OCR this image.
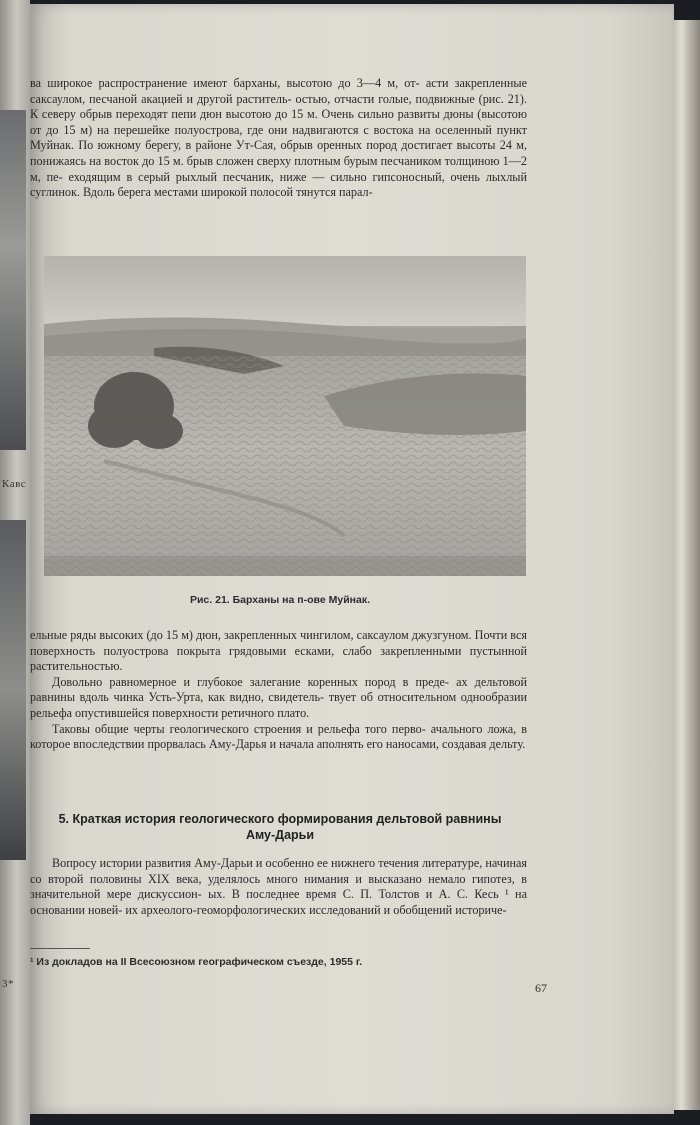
Кавс
3*

ва широкое распространение имеют барханы, высотою до 3—4 м, от- асти закрепленные саксаулом, песчаной акацией и другой раститель- остью, отчасти голые, подвижные (рис. 21). К северу обрыв переходят пепи дюн высотою до 15 м. Очень сильно развиты дюны (высотою от до 15 м) на перешейке полуострова, где они надвигаются с востока на оселенный пункт Муйнак. По южному берегу, в районе Ут-Сая, обрыв оренных пород достигает высоты 24 м, понижаясь на восток до 15 м. брыв сложен сверху плотным бурым песчаником толщиною 1—2 м, пе- еходящим в серый рыхлый песчаник, ниже — сильно гипсоносный, очень лыхлый суглинок. Вдоль берега местами широкой полосой тянутся парал-

Рис. 21. Барханы на п-ове Муйнак.

ельные ряды высоких (до 15 м) дюн, закрепленных чингилом, саксаулом джузгуном. Почти вся поверхность полуострова покрыта грядовыми есками, слабо закрепленными пустынной растительностью.

Довольно равномерное и глубокое залегание коренных пород в преде- ах дельтовой равнины вдоль чинка Усть-Урта, как видно, свидетель- твует об относительном однообразии рельефа опустившейся поверхности ретичного плато.

Таковы общие черты геологического строения и рельефа того перво- ачального ложа, в которое впоследствии прорвалась Аму-Дарья и начала аполнять его наносами, создавая дельту.

5. Краткая история геологического формирования дельтовой равнины
Аму-Дарьи

Вопросу истории развития Аму-Дарьи и особенно ее нижнего течения литературе, начиная со второй половины XIX века, уделялось много нимания и высказано немало гипотез, в значительной мере дискуссион- ых. В последнее время С. П. Толстов и А. С. Кесь ¹ на основании новей- их археолого-геоморфологических исследований и обобщений историче-

¹ Из докладов на II Всесоюзном географическом съезде, 1955 г.
67
